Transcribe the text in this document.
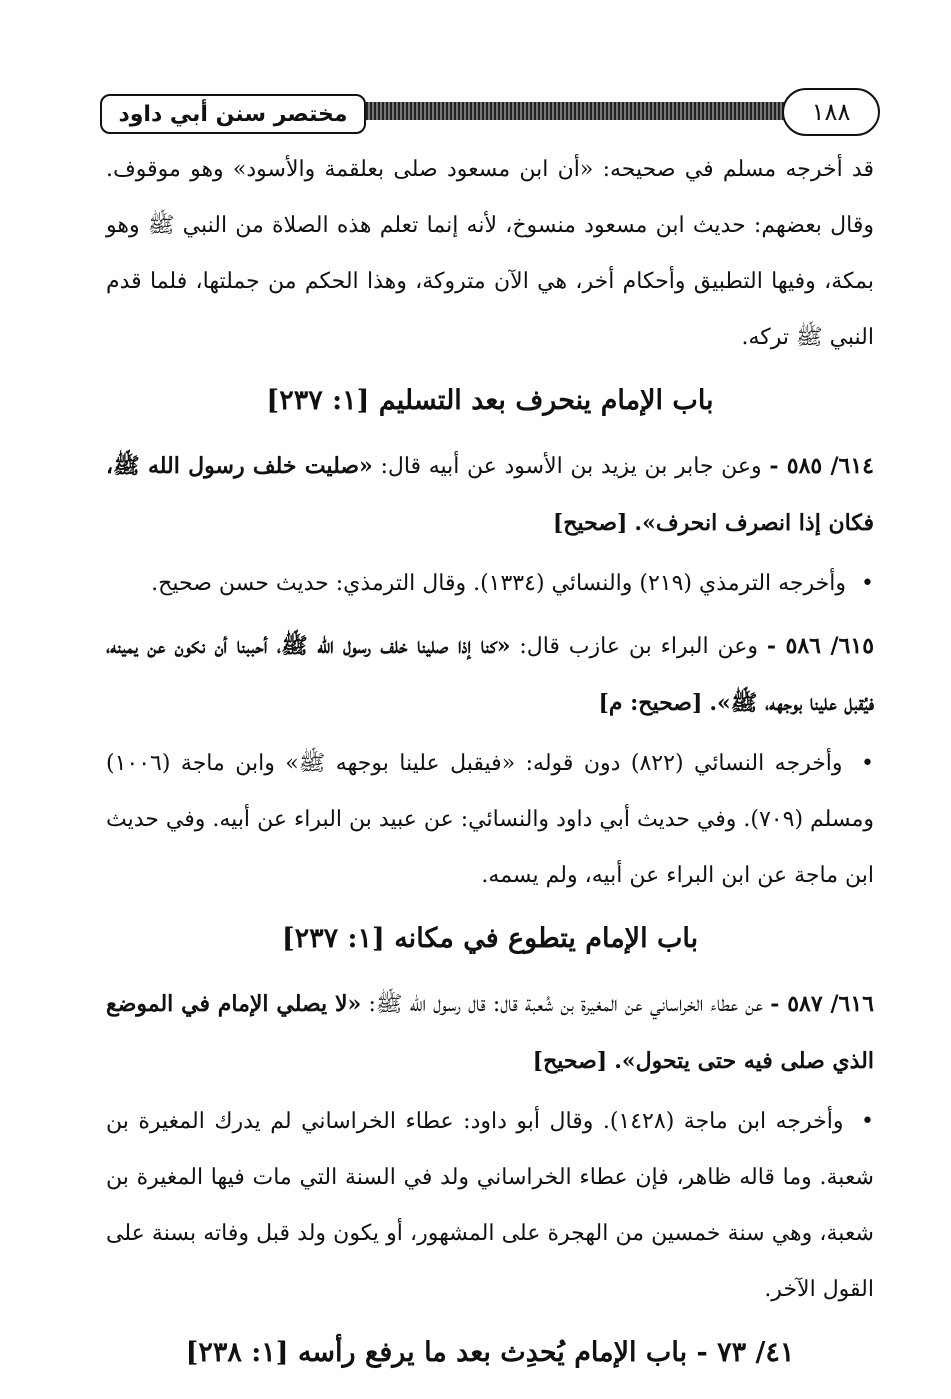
مختصر سنن أبي داود	١٨٨

قد أخرجه مسلم في صحيحه: «أن ابن مسعود صلى بعلقمة والأسود» وهو موقوف. وقال بعضهم: حديث ابن مسعود منسوخ، لأنه إنما تعلم هذه الصلاة من النبي ﷺ وهو بمكة، وفيها التطبيق وأحكام أخر، هي الآن متروكة، وهذا الحكم من جملتها، فلما قدم النبي ﷺ تركه.

باب الإمام ينحرف بعد التسليم [١: ٢٣٧]

٦١٤/ ٥٨٥ - وعن جابر بن يزيد بن الأسود عن أبيه قال: «صليت خلف رسول الله ﷺ، فكان إذا انصرف انحرف». [صحيح]

• وأخرجه الترمذي (٢١٩) والنسائي (١٣٣٤). وقال الترمذي: حديث حسن صحيح.

٦١٥/ ٥٨٦ - وعن البراء بن عازب قال: «كنا إذا صلينا خلف رسول الله ﷺ، أحببنا أن نكون عن يمينه، فيُقبل علينا بوجهه، ﷺ». [صحيح: م]

• وأخرجه النسائي (٨٢٢) دون قوله: «فيقبل علينا بوجهه ﷺ» وابن ماجة (١٠٠٦) ومسلم (٧٠٩). وفي حديث أبي داود والنسائي: عن عبيد بن البراء عن أبيه. وفي حديث ابن ماجة عن ابن البراء عن أبيه، ولم يسمه.

باب الإمام يتطوع في مكانه [١: ٢٣٧]

٦١٦/ ٥٨٧ - عن عطاء الخراساني عن المغيرة بن شُعبة قال: قال رسول الله ﷺ: «لا يصلي الإمام في الموضع الذي صلى فيه حتى يتحول». [صحيح]

• وأخرجه ابن ماجة (١٤٢٨). وقال أبو داود: عطاء الخراساني لم يدرك المغيرة بن شعبة. وما قاله ظاهر، فإن عطاء الخراساني ولد في السنة التي مات فيها المغيرة بن شعبة، وهي سنة خمسين من الهجرة على المشهور، أو يكون ولد قبل وفاته بسنة على القول الآخر.

٤١/ ٧٣ - باب الإمام يُحدِث بعد ما يرفع رأسه [١: ٢٣٨]
